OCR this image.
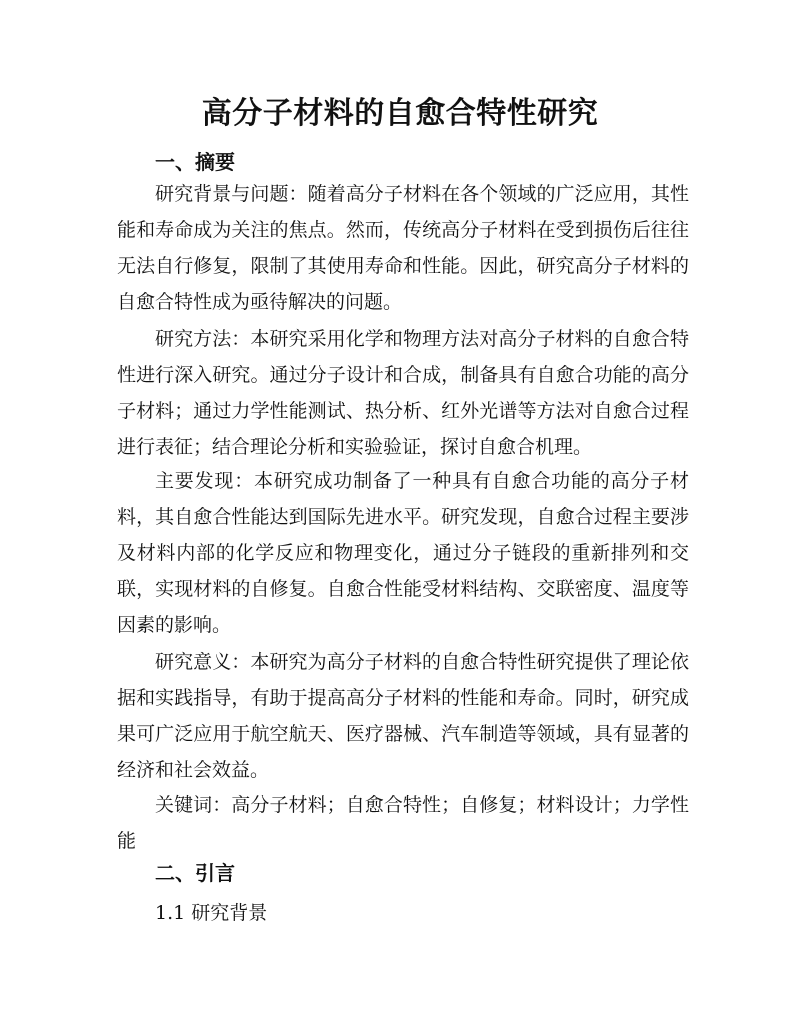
高分子材料的自愈合特性研究
一、摘要

研究背景与问题：随着高分子材料在各个领域的广泛应用，其性能和寿命成为关注的焦点。然而，传统高分子材料在受到损伤后往往无法自行修复，限制了其使用寿命和性能。因此，研究高分子材料的自愈合特性成为亟待解决的问题。

研究方法：本研究采用化学和物理方法对高分子材料的自愈合特性进行深入研究。通过分子设计和合成，制备具有自愈合功能的高分子材料；通过力学性能测试、热分析、红外光谱等方法对自愈合过程进行表征；结合理论分析和实验验证，探讨自愈合机理。

主要发现：本研究成功制备了一种具有自愈合功能的高分子材料，其自愈合性能达到国际先进水平。研究发现，自愈合过程主要涉及材料内部的化学反应和物理变化，通过分子链段的重新排列和交联，实现材料的自修复。自愈合性能受材料结构、交联密度、温度等因素的影响。

研究意义：本研究为高分子材料的自愈合特性研究提供了理论依据和实践指导，有助于提高高分子材料的性能和寿命。同时，研究成果可广泛应用于航空航天、医疗器械、汽车制造等领域，具有显著的经济和社会效益。

关键词：高分子材料；自愈合特性；自修复；材料设计；力学性能

二、引言
1.1 研究背景
